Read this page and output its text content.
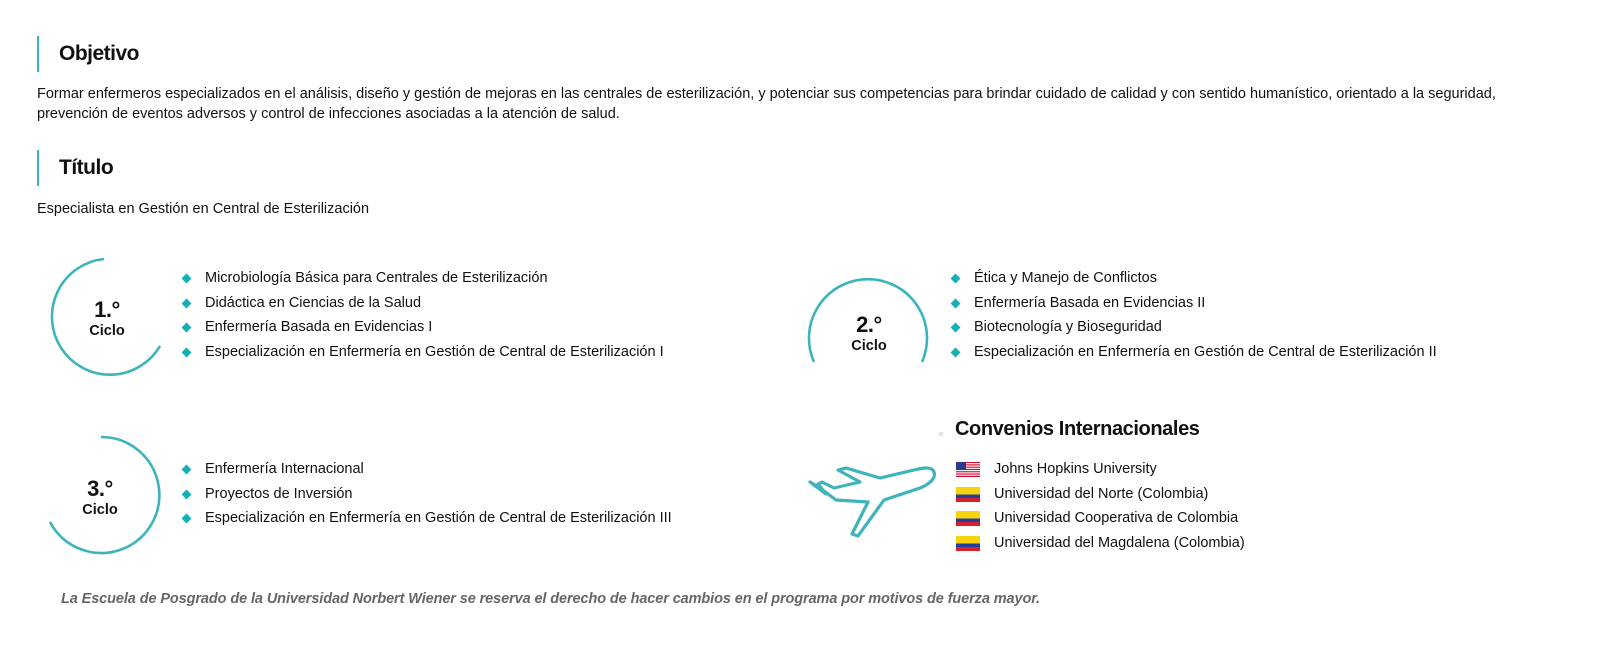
Objetivo
Formar enfermeros especializados en el análisis, diseño y gestión de mejoras en las centrales de esterilización, y potenciar sus competencias para brindar cuidado de calidad y con sentido humanístico, orientado a la seguridad,
prevención de eventos adversos y control de infecciones asociadas a la atención de salud.
Título
Especialista en Gestión en Central de Esterilización
1.°
Ciclo
Microbiología Básica para Centrales de Esterilización
Didáctica en Ciencias de la Salud
Enfermería Basada en Evidencias I
Especialización en Enfermería en Gestión de Central de Esterilización I
2.°
Ciclo
Ética y Manejo de Conflictos
Enfermería Basada en Evidencias II
Biotecnología y Bioseguridad
Especialización en Enfermería en Gestión de Central de Esterilización II
3.°
Ciclo
Enfermería Internacional
Proyectos de Inversión
Especialización en Enfermería en Gestión de Central de Esterilización III
Convenios Internacionales
Johns Hopkins University
Universidad del Norte (Colombia)
Universidad Cooperativa de Colombia
Universidad del Magdalena (Colombia)
La Escuela de Posgrado de la Universidad Norbert Wiener se reserva el derecho de hacer cambios en el programa por motivos de fuerza mayor.
